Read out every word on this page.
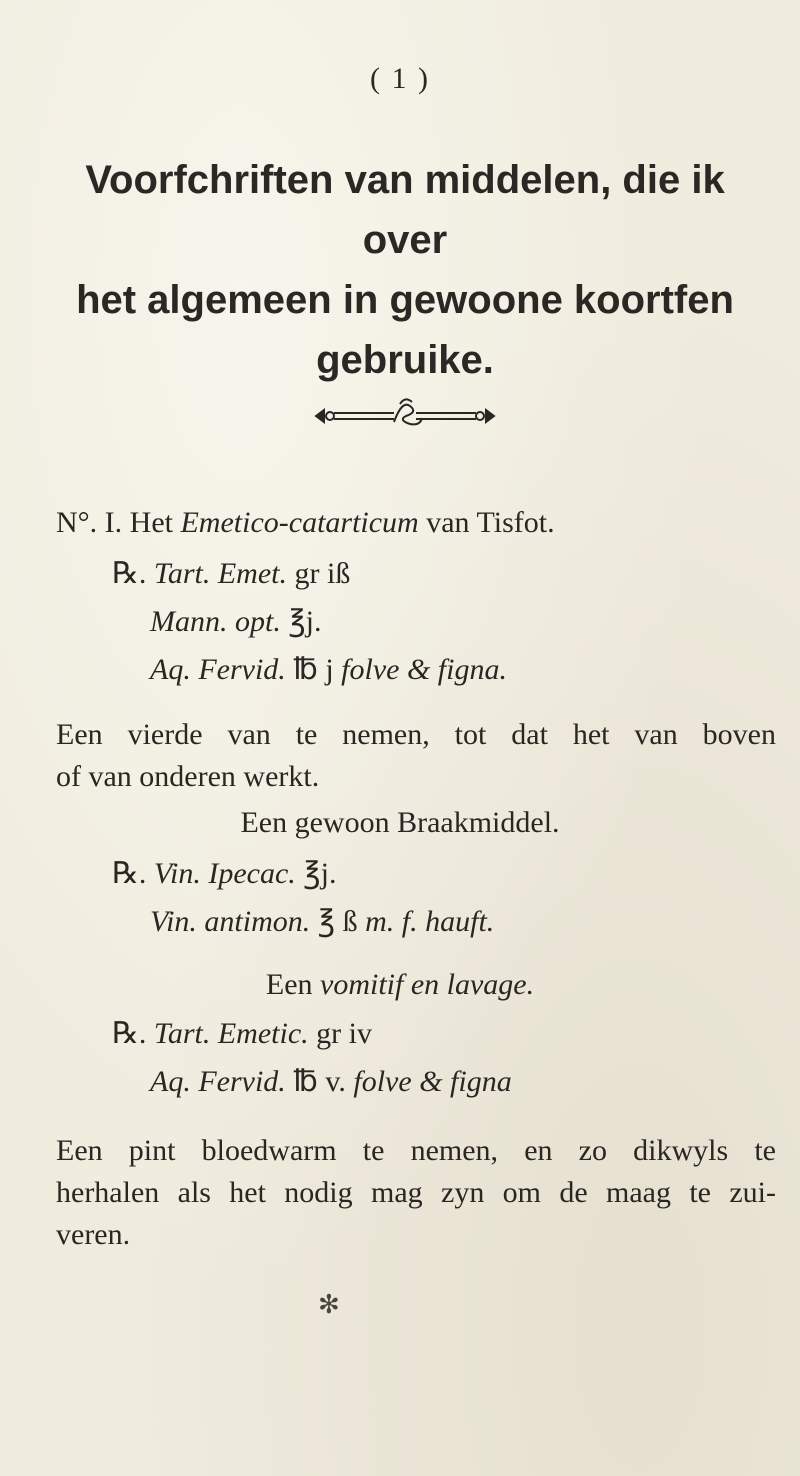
( 1 )
Voorfchriften van middelen, die ik over
het algemeen in gewoone koortfen
gebruike.
N°. I. Het Emetico-catarticum van Tisfot.
℞. Tart. Emet. gr iß
Mann. opt. ℥j.
Aq. Fervid. ℔ j folve & figna.
Een vierde van te nemen, tot dat het van boven
of van onderen werkt.
Een gewoon Braakmiddel.
℞. Vin. Ipecac. ℥j.
Vin. antimon. ℥ ß m. f. hauft.
Een vomitif en lavage.
℞. Tart. Emetic. gr iv
Aq. Fervid. ℔ v. folve & figna
Een pint bloedwarm te nemen, en zo dikwyls te
herhalen als het nodig mag zyn om de maag te zui-
veren.
✻
